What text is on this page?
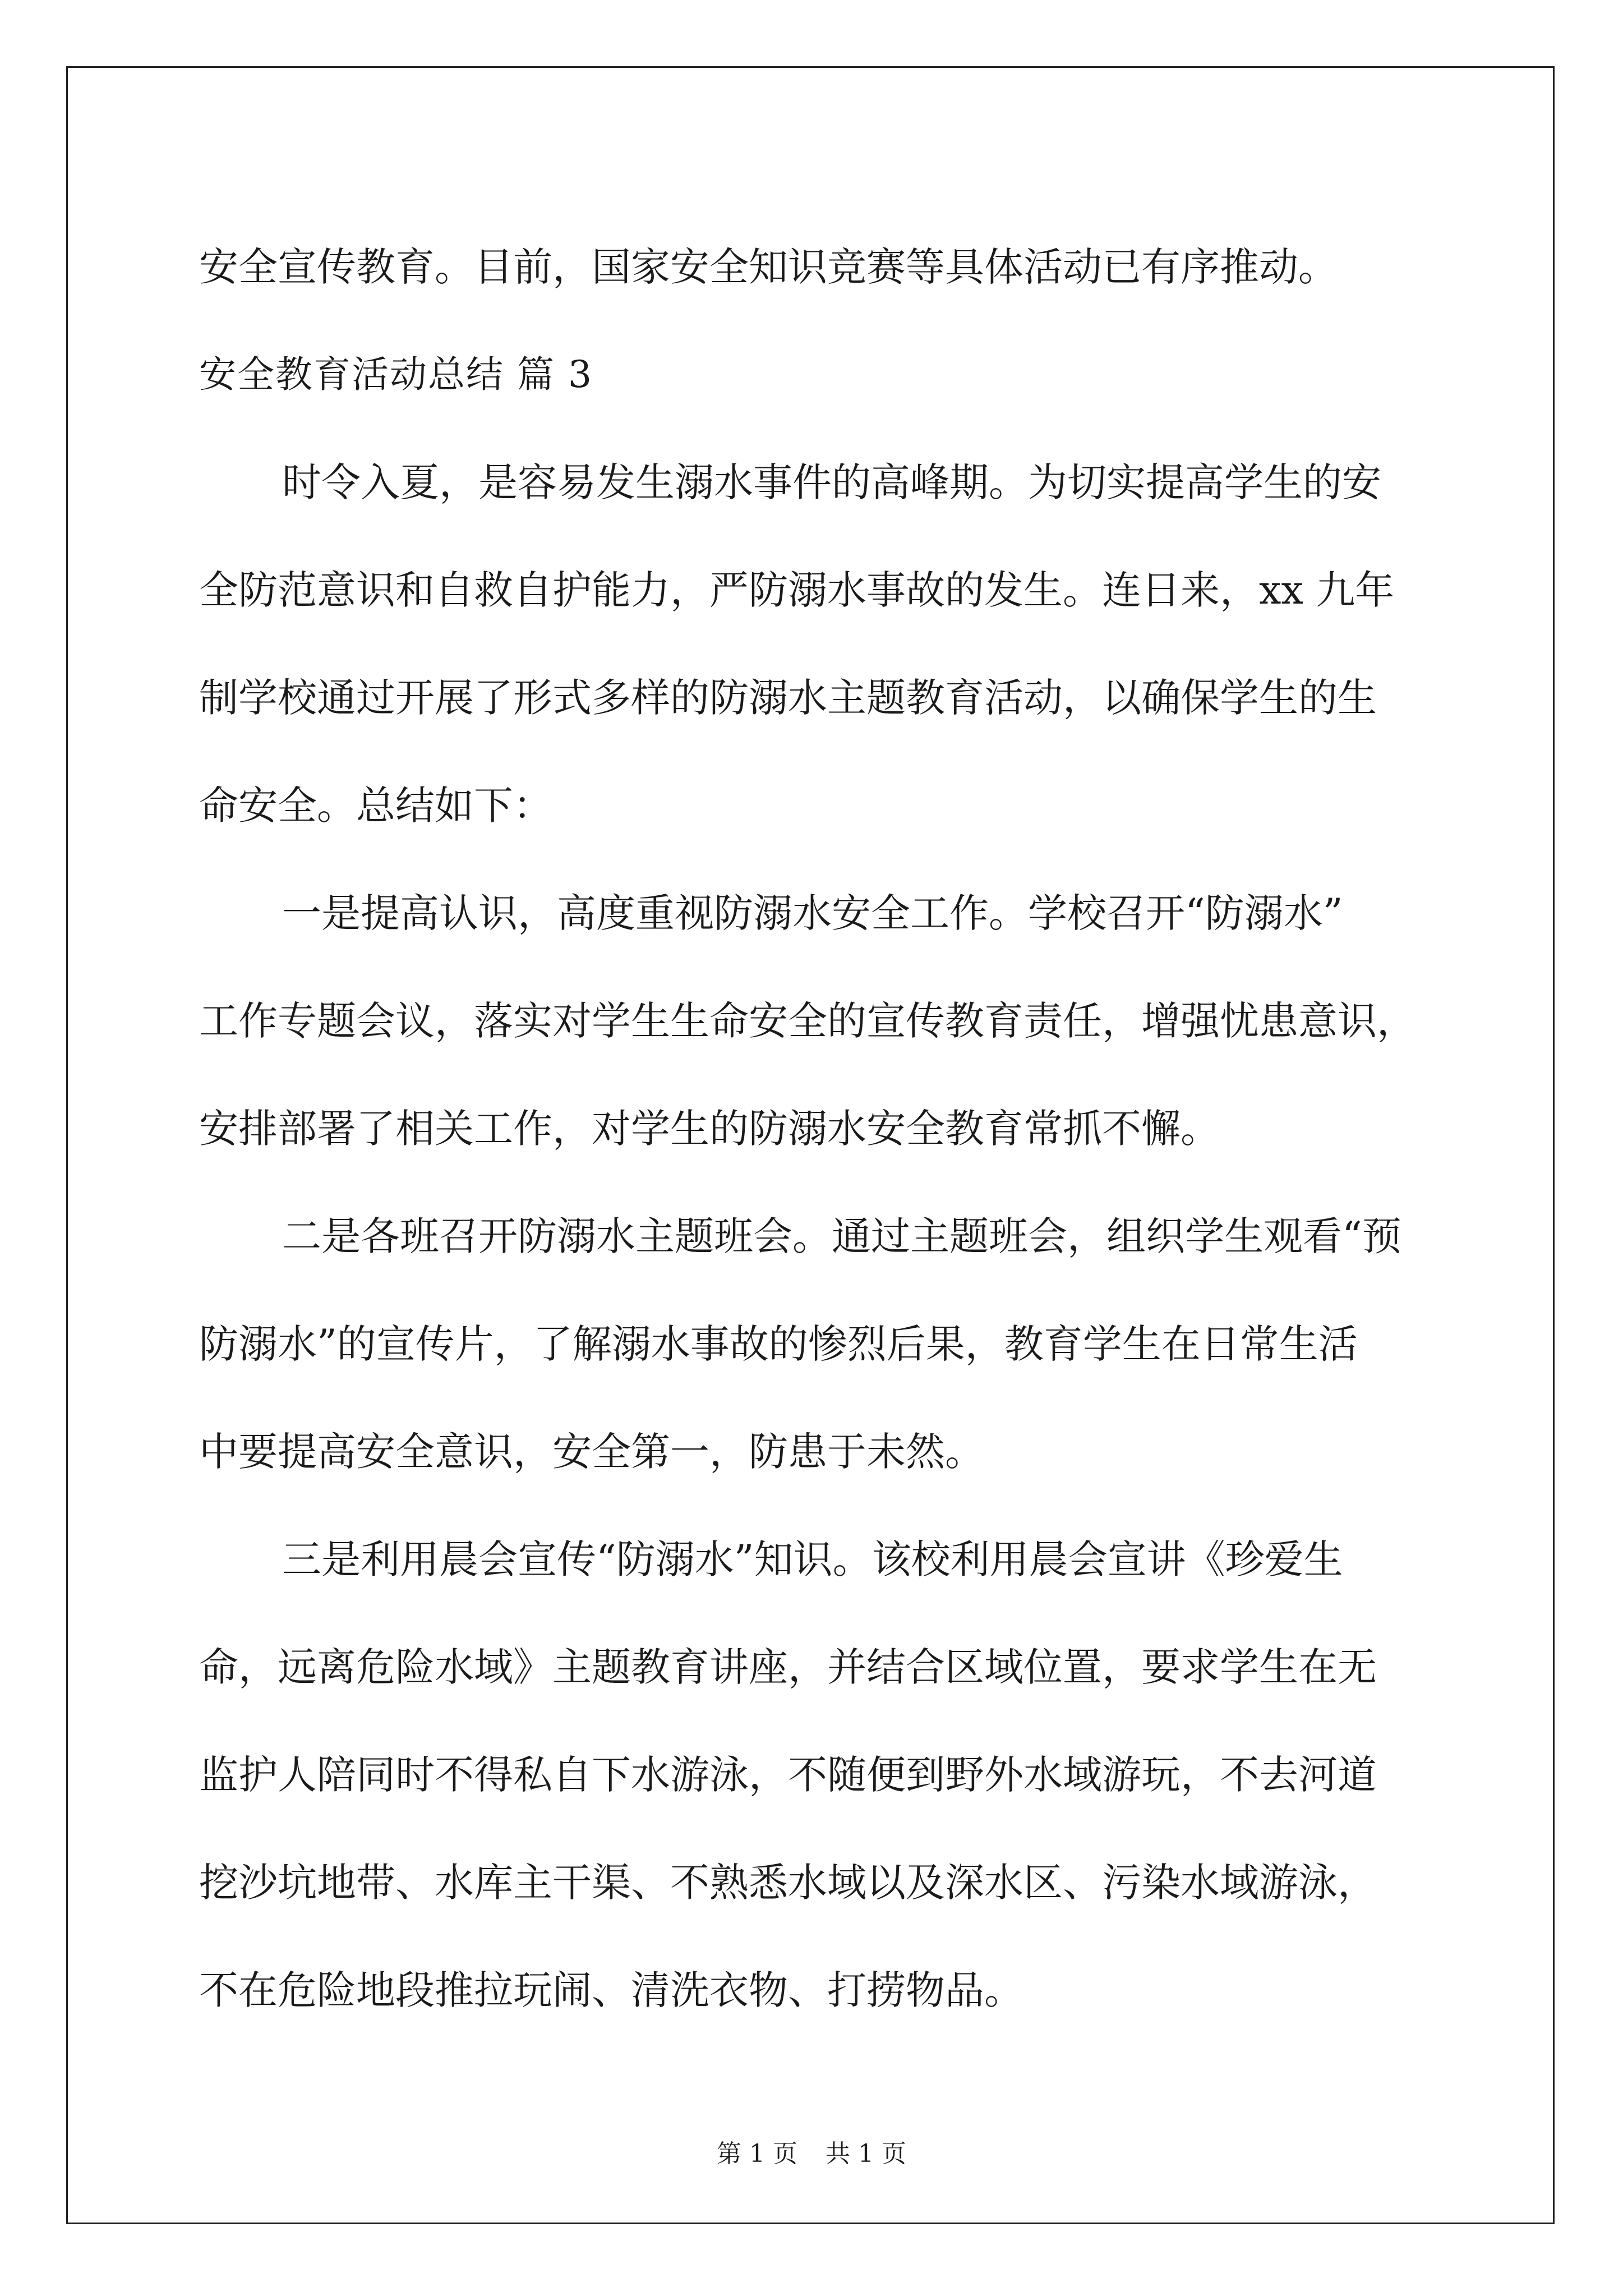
安全宣传教育。目前，国家安全知识竞赛等具体活动已有序推动。
安全教育活动总结 篇 3
时令入夏，是容易发生溺水事件的高峰期。为切实提高学生的安
全防范意识和自救自护能力，严防溺水事故的发生。连日来，xx 九年
制学校通过开展了形式多样的防溺水主题教育活动，以确保学生的生
命安全。总结如下：
一是提高认识，高度重视防溺水安全工作。学校召开“防溺水”
工作专题会议，落实对学生生命安全的宣传教育责任，增强忧患意识，
安排部署了相关工作，对学生的防溺水安全教育常抓不懈。
二是各班召开防溺水主题班会。通过主题班会，组织学生观看“预
防溺水”的宣传片，了解溺水事故的惨烈后果，教育学生在日常生活
中要提高安全意识，安全第一，防患于未然。
三是利用晨会宣传“防溺水”知识。该校利用晨会宣讲《珍爱生
命，远离危险水域》主题教育讲座，并结合区域位置，要求学生在无
监护人陪同时不得私自下水游泳，不随便到野外水域游玩，不去河道
挖沙坑地带、水库主干渠、不熟悉水域以及深水区、污染水域游泳，
不在危险地段推拉玩闹、清洗衣物、打捞物品。
第 1 页 共 1 页
